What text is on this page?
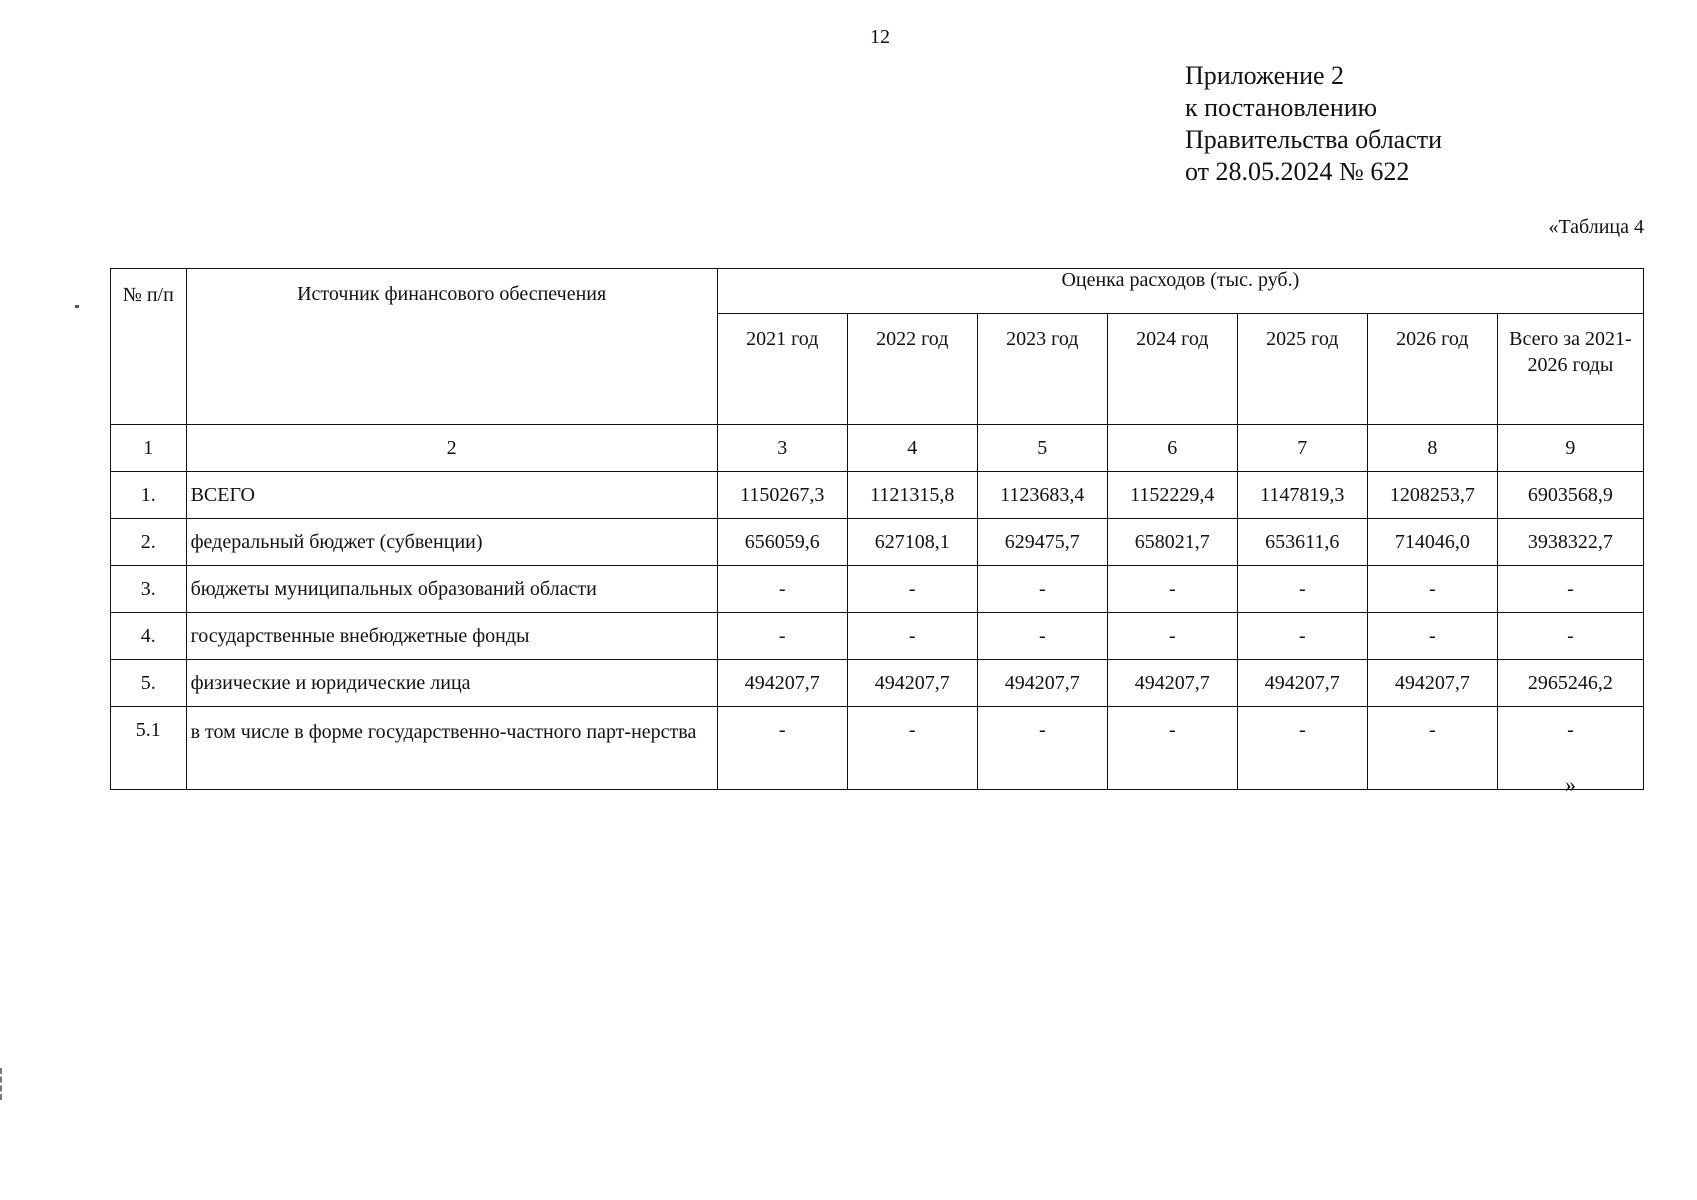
12
Приложение 2
к постановлению
Правительства области
от 28.05.2024 № 622
«Таблица 4
№ п/п	Источник финансового обеспечения	Оценка расходов (тыс. руб.)						
		2021 год	2022 год	2023 год	2024 год	2025 год	2026 год	Всего за 2021-2026 годы
1	2	3	4	5	6	7	8	9
1.	ВСЕГО	1150267,3	1121315,8	1123683,4	1152229,4	1147819,3	1208253,7	6903568,9
2.	федеральный бюджет (субвенции)	656059,6	627108,1	629475,7	658021,7	653611,6	714046,0	3938322,7
3.	бюджеты муниципальных образований области	-	-	-	-	-	-	-
4.	государственные внебюджетные фонды	-	-	-	-	-	-	-
5.	физические и юридические лица	494207,7	494207,7	494207,7	494207,7	494207,7	494207,7	2965246,2
5.1	в том числе в форме государственно-частного парт-нерства	-	-	-	-	-	-	-
»
